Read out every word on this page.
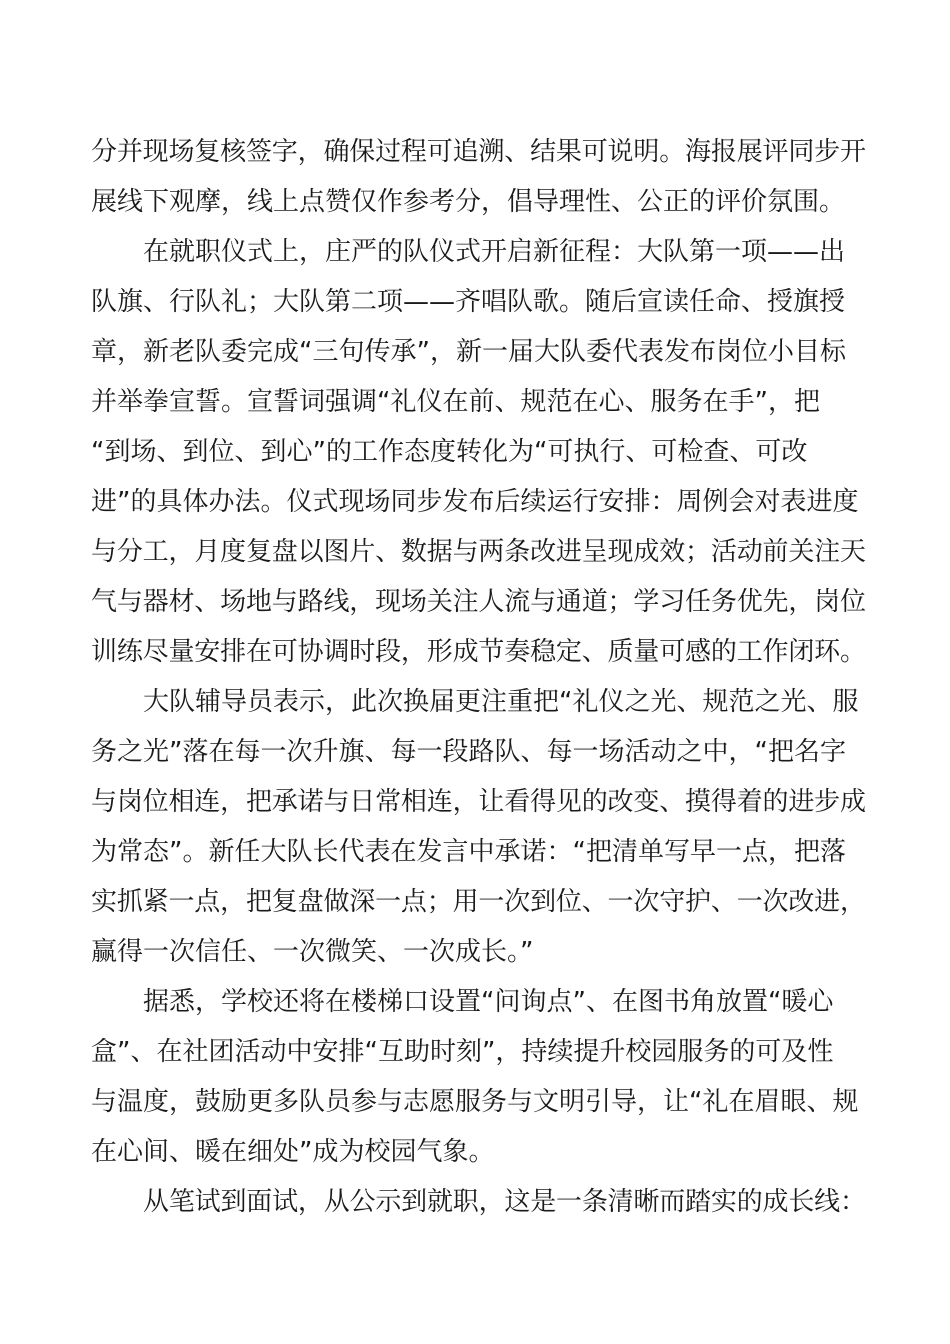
分并现场复核签字，确保过程可追溯、结果可说明。海报展评同步开
展线下观摩，线上点赞仅作参考分，倡导理性、公正的评价氛围。
在就职仪式上，庄严的队仪式开启新征程：大队第一项——出
队旗、行队礼；大队第二项——齐唱队歌。随后宣读任命、授旗授
章，新老队委完成“三句传承”，新一届大队委代表发布岗位小目标
并举拳宣誓。宣誓词强调“礼仪在前、规范在心、服务在手”，把
“到场、到位、到心”的工作态度转化为“可执行、可检查、可改
进”的具体办法。仪式现场同步发布后续运行安排：周例会对表进度
与分工，月度复盘以图片、数据与两条改进呈现成效；活动前关注天
气与器材、场地与路线，现场关注人流与通道；学习任务优先，岗位
训练尽量安排在可协调时段，形成节奏稳定、质量可感的工作闭环。
大队辅导员表示，此次换届更注重把“礼仪之光、规范之光、服
务之光”落在每一次升旗、每一段路队、每一场活动之中，“把名字
与岗位相连，把承诺与日常相连，让看得见的改变、摸得着的进步成
为常态”。新任大队长代表在发言中承诺：“把清单写早一点，把落
实抓紧一点，把复盘做深一点；用一次到位、一次守护、一次改进，
赢得一次信任、一次微笑、一次成长。”
据悉，学校还将在楼梯口设置“问询点”、在图书角放置“暖心
盒”、在社团活动中安排“互助时刻”，持续提升校园服务的可及性
与温度，鼓励更多队员参与志愿服务与文明引导，让“礼在眉眼、规
在心间、暖在细处”成为校园气象。
从笔试到面试，从公示到就职，这是一条清晰而踏实的成长线：
